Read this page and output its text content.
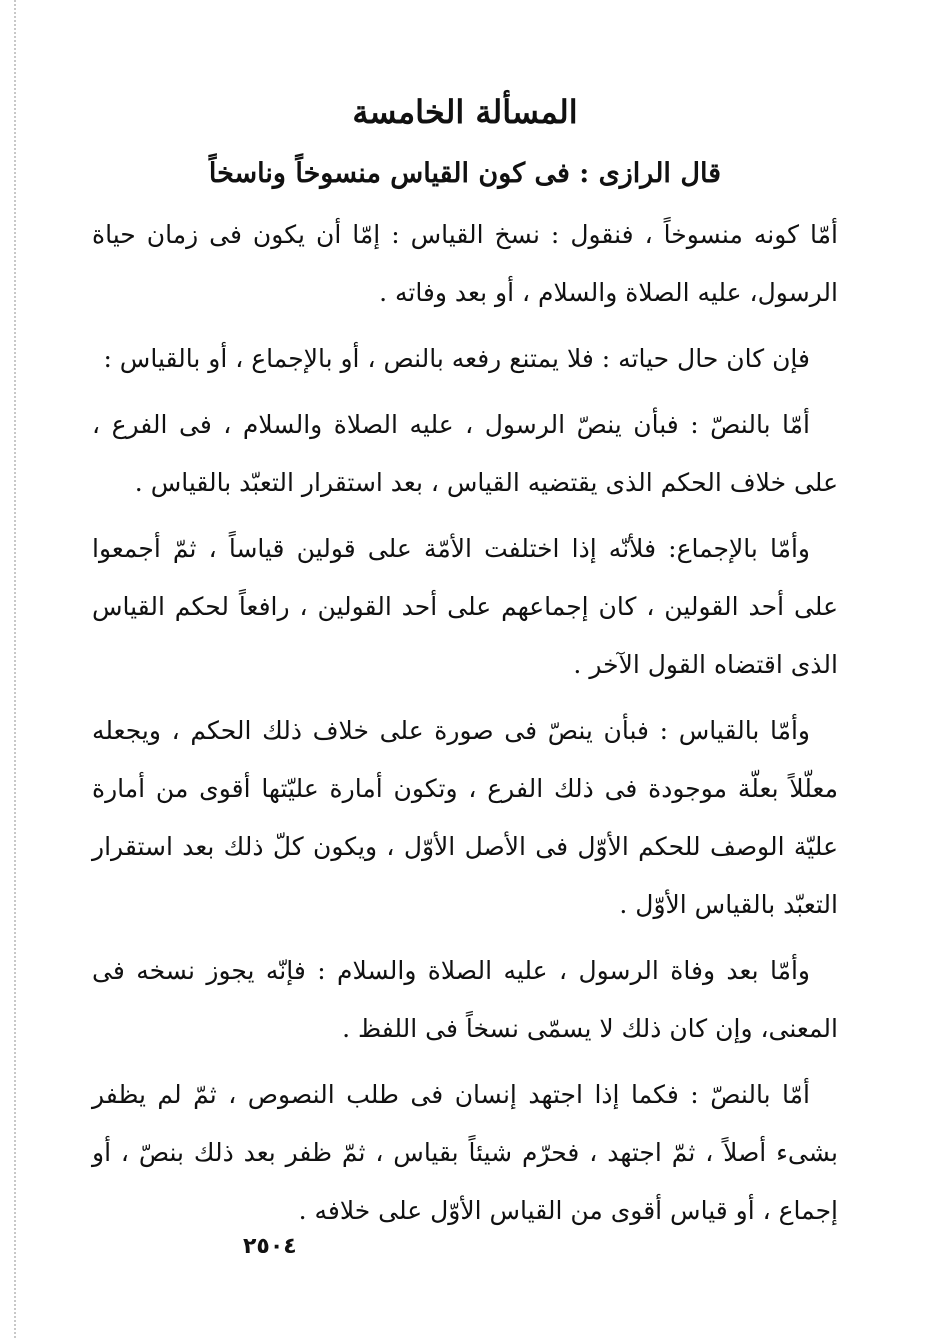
المسألة الخامسة
قال الرازى : فى كون القياس منسوخاً وناسخاً

أمّا كونه منسوخاً ، فنقول : نسخ القياس : إمّا أن يكون فى زمان حياة الرسول، عليه الصلاة والسلام ، أو بعد وفاته .

فإن كان حال حياته : فلا يمتنع رفعه بالنص ، أو بالإجماع ، أو بالقياس :

أمّا بالنصّ : فبأن ينصّ الرسول ، عليه الصلاة والسلام ، فى الفرع ، على خلاف الحكم الذى يقتضيه القياس ، بعد استقرار التعبّد بالقياس .

وأمّا بالإجماع: فلأنّه إذا اختلفت الأمّة على قولين قياساً ، ثمّ أجمعوا على أحد القولين ، كان إجماعهم على أحد القولين ، رافعاً لحكم القياس الذى اقتضاه القول الآخر .

وأمّا بالقياس : فبأن ينصّ فى صورة على خلاف ذلك الحكم ، ويجعله معلّلاً بعلّة موجودة فى ذلك الفرع ، وتكون أمارة عليّتها أقوى من أمارة عليّة الوصف للحكم الأوّل فى الأصل الأوّل ، ويكون كلّ ذلك بعد استقرار التعبّد بالقياس الأوّل .

وأمّا بعد وفاة الرسول ، عليه الصلاة والسلام : فإنّه يجوز نسخه فى المعنى، وإن كان ذلك لا يسمّى نسخاً فى اللفظ .

أمّا بالنصّ : فكما إذا اجتهد إنسان فى طلب النصوص ، ثمّ لم يظفر بشىء أصلاً ، ثمّ اجتهد ، فحرّم شيئاً بقياس ، ثمّ ظفر بعد ذلك بنصّ ، أو إجماع ، أو قياس أقوى من القياس الأوّل على خلافه .

٢٥٠٤
